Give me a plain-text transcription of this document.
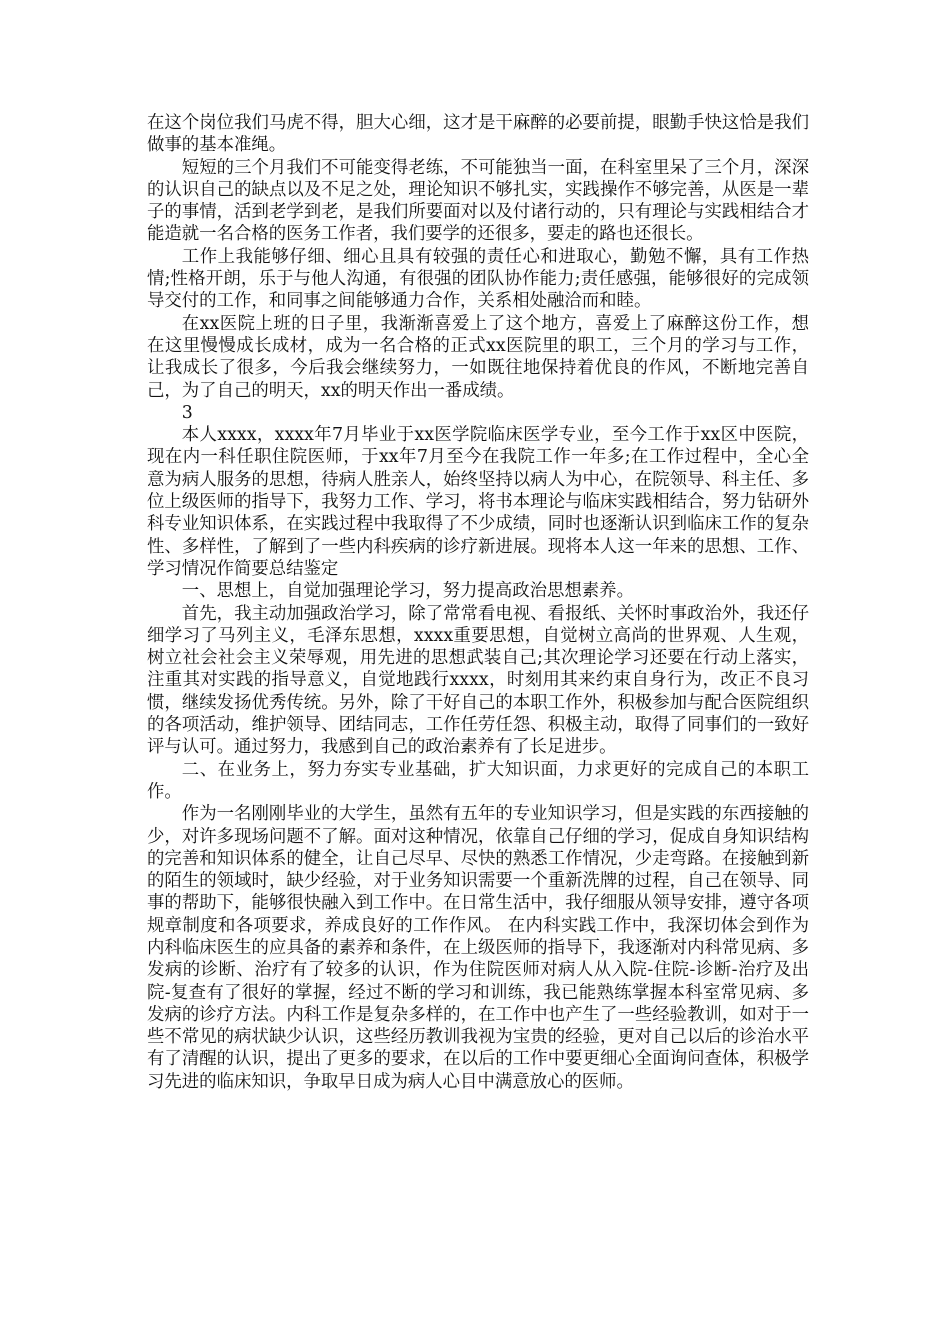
在这个岗位我们马虎不得，胆大心细，这才是干麻醉的必要前提，眼勤手快这恰是我们做事的基本准绳。

短短的三个月我们不可能变得老练，不可能独当一面，在科室里呆了三个月，深深的认识自己的缺点以及不足之处，理论知识不够扎实，实践操作不够完善，从医是一辈子的事情，活到老学到老，是我们所要面对以及付诸行动的，只有理论与实践相结合才能造就一名合格的医务工作者，我们要学的还很多，要走的路也还很长。

工作上我能够仔细、细心且具有较强的责任心和进取心，勤勉不懈，具有工作热情;性格开朗，乐于与他人沟通，有很强的团队协作能力;责任感强，能够很好的完成领导交付的工作，和同事之间能够通力合作，关系相处融洽而和睦。

在xx医院上班的日子里，我渐渐喜爱上了这个地方，喜爱上了麻醉这份工作，想在这里慢慢成长成材，成为一名合格的正式xx医院里的职工，三个月的学习与工作，让我成长了很多，今后我会继续努力，一如既往地保持着优良的作风，不断地完善自己，为了自己的明天，xx的明天作出一番成绩。

3

本人xxxx，xxxx年7月毕业于xx医学院临床医学专业，至今工作于xx区中医院，现在内一科任职住院医师，于xx年7月至今在我院工作一年多;在工作过程中，全心全意为病人服务的思想，待病人胜亲人，始终坚持以病人为中心，在院领导、科主任、多位上级医师的指导下，我努力工作、学习，将书本理论与临床实践相结合，努力钻研外科专业知识体系，在实践过程中我取得了不少成绩，同时也逐渐认识到临床工作的复杂性、多样性，了解到了一些内科疾病的诊疗新进展。现将本人这一年来的思想、工作、学习情况作简要总结鉴定

一、思想上，自觉加强理论学习，努力提高政治思想素养。

首先，我主动加强政治学习，除了常常看电视、看报纸、关怀时事政治外，我还仔细学习了马列主义，毛泽东思想，xxxx重要思想，自觉树立高尚的世界观、人生观，树立社会社会主义荣辱观，用先进的思想武装自己;其次理论学习还要在行动上落实，注重其对实践的指导意义，自觉地践行xxxx，时刻用其来约束自身行为，改正不良习惯，继续发扬优秀传统。另外，除了干好自己的本职工作外，积极参加与配合医院组织的各项活动，维护领导、团结同志，工作任劳任怨、积极主动，取得了同事们的一致好评与认可。通过努力，我感到自己的政治素养有了长足进步。

二、在业务上，努力夯实专业基础，扩大知识面，力求更好的完成自己的本职工作。

作为一名刚刚毕业的大学生，虽然有五年的专业知识学习，但是实践的东西接触的少，对许多现场问题不了解。面对这种情况，依靠自己仔细的学习，促成自身知识结构的完善和知识体系的健全，让自己尽早、尽快的熟悉工作情况，少走弯路。在接触到新的陌生的领域时，缺少经验，对于业务知识需要一个重新洗牌的过程，自己在领导、同事的帮助下，能够很快融入到工作中。在日常生活中，我仔细服从领导安排，遵守各项规章制度和各项要求，养成良好的工作作风。 在内科实践工作中，我深切体会到作为内科临床医生的应具备的素养和条件，在上级医师的指导下，我逐渐对内科常见病、多发病的诊断、治疗有了较多的认识，作为住院医师对病人从入院-住院-诊断-治疗及出院-复查有了很好的掌握，经过不断的学习和训练，我已能熟练掌握本科室常见病、多发病的诊疗方法。内科工作是复杂多样的，在工作中也产生了一些经验教训，如对于一些不常见的病状缺少认识，这些经历教训我视为宝贵的经验，更对自己以后的诊治水平有了清醒的认识，提出了更多的要求，在以后的工作中要更细心全面询问查体，积极学习先进的临床知识，争取早日成为病人心目中满意放心的医师。
